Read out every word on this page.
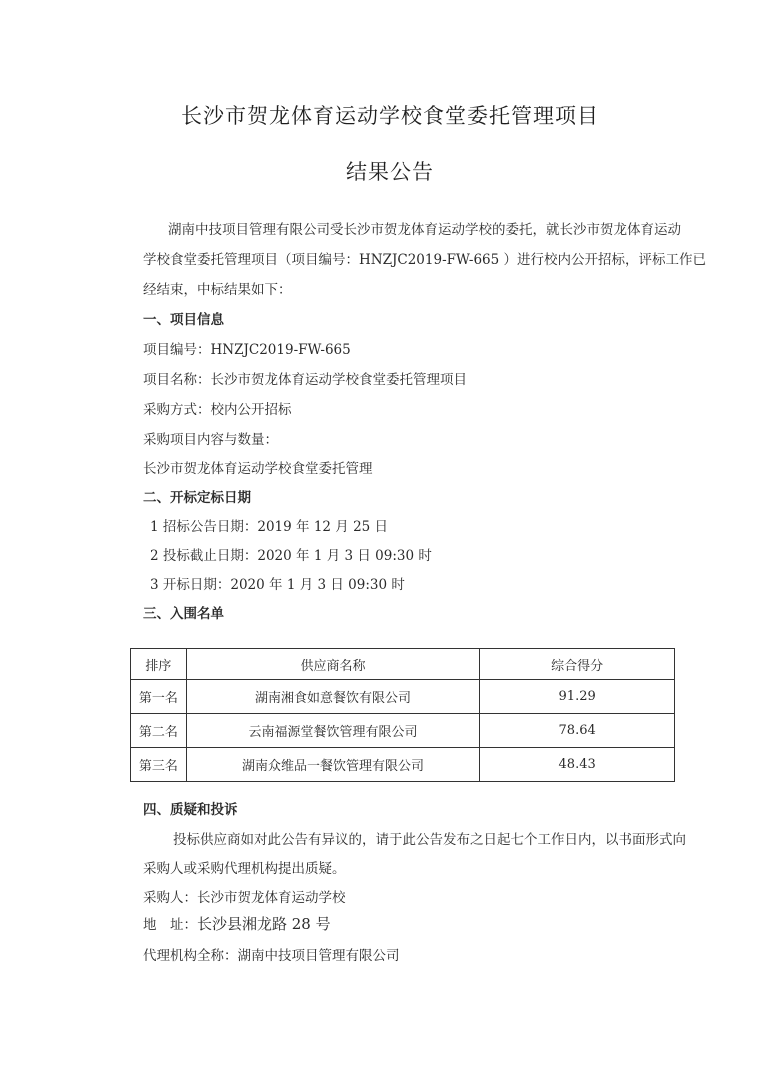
长沙市贺龙体育运动学校食堂委托管理项目
结果公告
湖南中技项目管理有限公司受长沙市贺龙体育运动学校的委托，就长沙市贺龙体育运动
学校食堂委托管理项目（项目编号：HNZJC2019-FW-665 ）进行校内公开招标，评标工作已
经结束，中标结果如下：
一、项目信息
项目编号：HNZJC2019-FW-665
项目名称：长沙市贺龙体育运动学校食堂委托管理项目
采购方式：校内公开招标
采购项目内容与数量：
长沙市贺龙体育运动学校食堂委托管理
二、开标定标日期
1 招标公告日期：2019 年 12 月 25 日
2 投标截止日期：2020 年 1 月 3 日 09:30 时
3 开标日期：2020 年 1 月 3 日 09:30 时
三、入围名单
排序	供应商名称	综合得分
第一名	湖南湘食如意餐饮有限公司	91.29
第二名	云南福源堂餐饮管理有限公司	78.64
第三名	湖南众维品一餐饮管理有限公司	48.43
四、质疑和投诉
投标供应商如对此公告有异议的，请于此公告发布之日起七个工作日内，以书面形式向
采购人或采购代理机构提出质疑。
采购人：长沙市贺龙体育运动学校
地　址：长沙县湘龙路 28 号
代理机构全称：湖南中技项目管理有限公司
